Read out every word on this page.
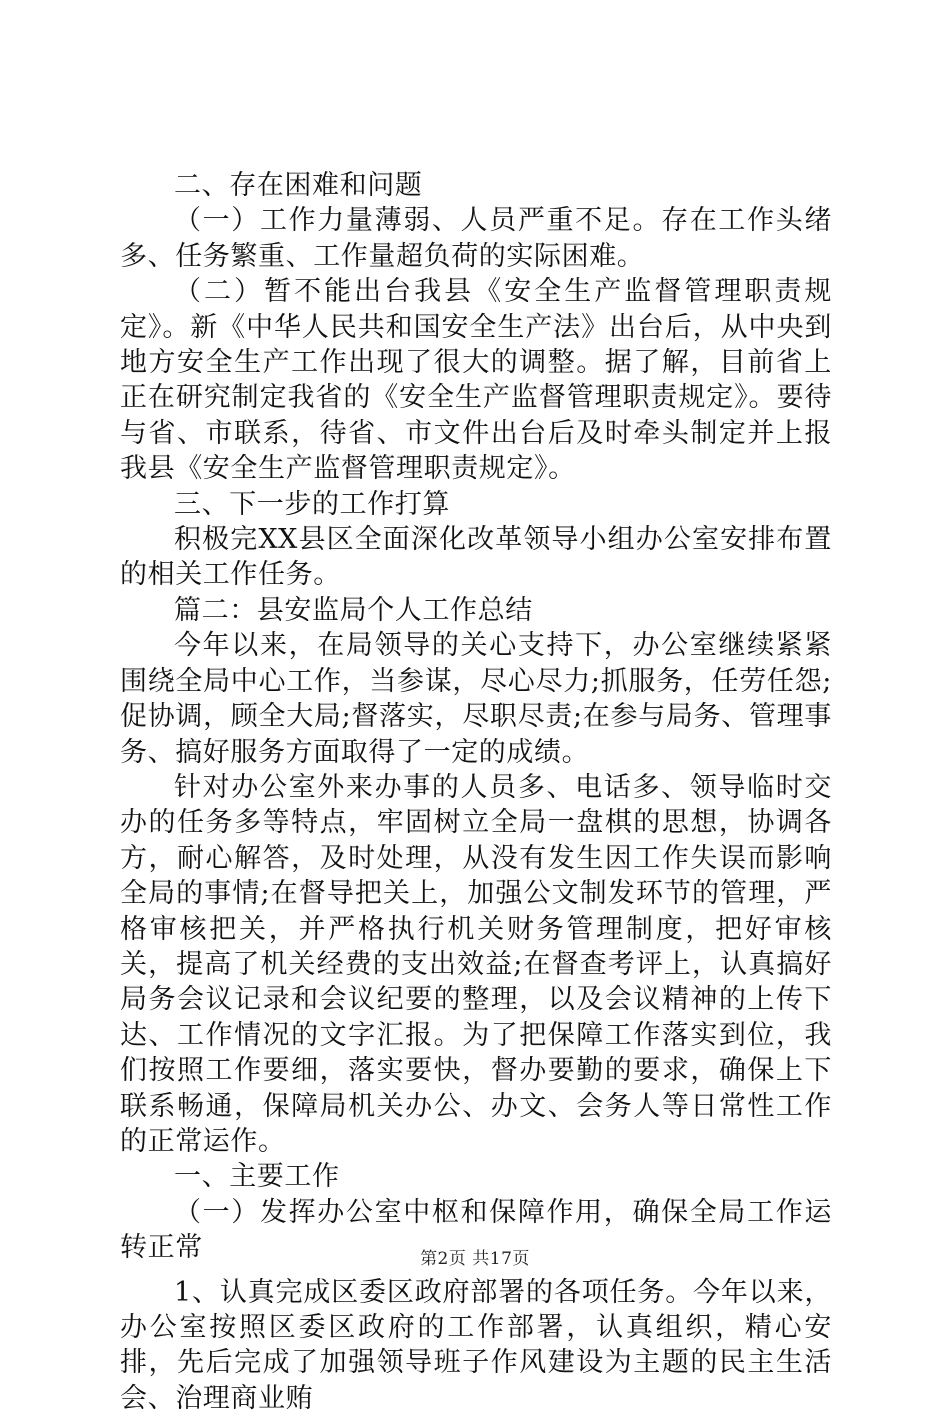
二、存在困难和问题

（一）工作力量薄弱、人员严重不足。存在工作头绪多、任务繁重、工作量超负荷的实际困难。

（二）暂不能出台我县《安全生产监督管理职责规定》。新《中华人民共和国安全生产法》出台后，从中央到地方安全生产工作出现了很大的调整。据了解，目前省上正在研究制定我省的《安全生产监督管理职责规定》。要待与省、市联系，待省、市文件出台后及时牵头制定并上报我县《安全生产监督管理职责规定》。

三、下一步的工作打算

积极完XX县区全面深化改革领导小组办公室安排布置的相关工作任务。

篇二：县安监局个人工作总结

今年以来，在局领导的关心支持下，办公室继续紧紧围绕全局中心工作，当参谋，尽心尽力;抓服务，任劳任怨;促协调，顾全大局;督落实，尽职尽责;在参与局务、管理事务、搞好服务方面取得了一定的成绩。

针对办公室外来办事的人员多、电话多、领导临时交办的任务多等特点，牢固树立全局一盘棋的思想，协调各方，耐心解答，及时处理，从没有发生因工作失误而影响全局的事情;在督导把关上，加强公文制发环节的管理，严格审核把关，并严格执行机关财务管理制度，把好审核关，提高了机关经费的支出效益;在督查考评上，认真搞好局务会议记录和会议纪要的整理，以及会议精神的上传下达、工作情况的文字汇报。为了把保障工作落实到位，我们按照工作要细，落实要快，督办要勤的要求，确保上下联系畅通，保障局机关办公、办文、会务人等日常性工作的正常运作。

一、主要工作

（一）发挥办公室中枢和保障作用，确保全局工作运转正常

1、认真完成区委区政府部署的各项任务。今年以来，办公室按照区委区政府的工作部署，认真组织，精心安排，先后完成了加强领导班子作风建设为主题的民主生活会、治理商业贿

第2页 共17页
